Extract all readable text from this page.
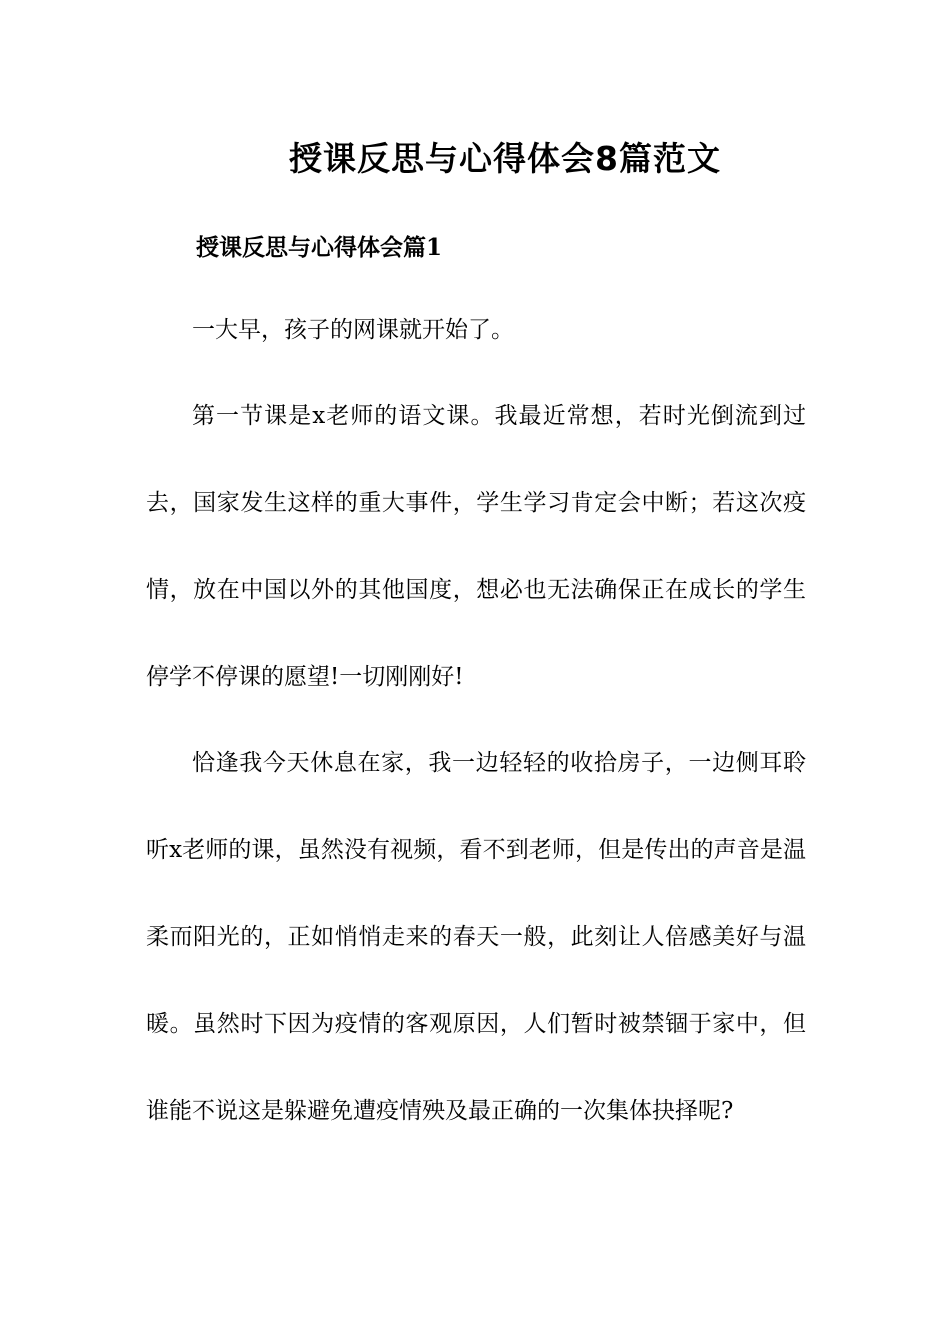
授课反思与心得体会8篇范文
授课反思与心得体会篇1

一大早，孩子的网课就开始了。

第一节课是x老师的语文课。我最近常想，若时光倒流到过去，国家发生这样的重大事件，学生学习肯定会中断；若这次疫情，放在中国以外的其他国度，想必也无法确保正在成长的学生停学不停课的愿望!一切刚刚好!

恰逢我今天休息在家，我一边轻轻的收拾房子，一边侧耳聆听x老师的课，虽然没有视频，看不到老师，但是传出的声音是温柔而阳光的，正如悄悄走来的春天一般，此刻让人倍感美好与温暖。虽然时下因为疫情的客观原因，人们暂时被禁锢于家中，但谁能不说这是躲避免遭疫情殃及最正确的一次集体抉择呢?
